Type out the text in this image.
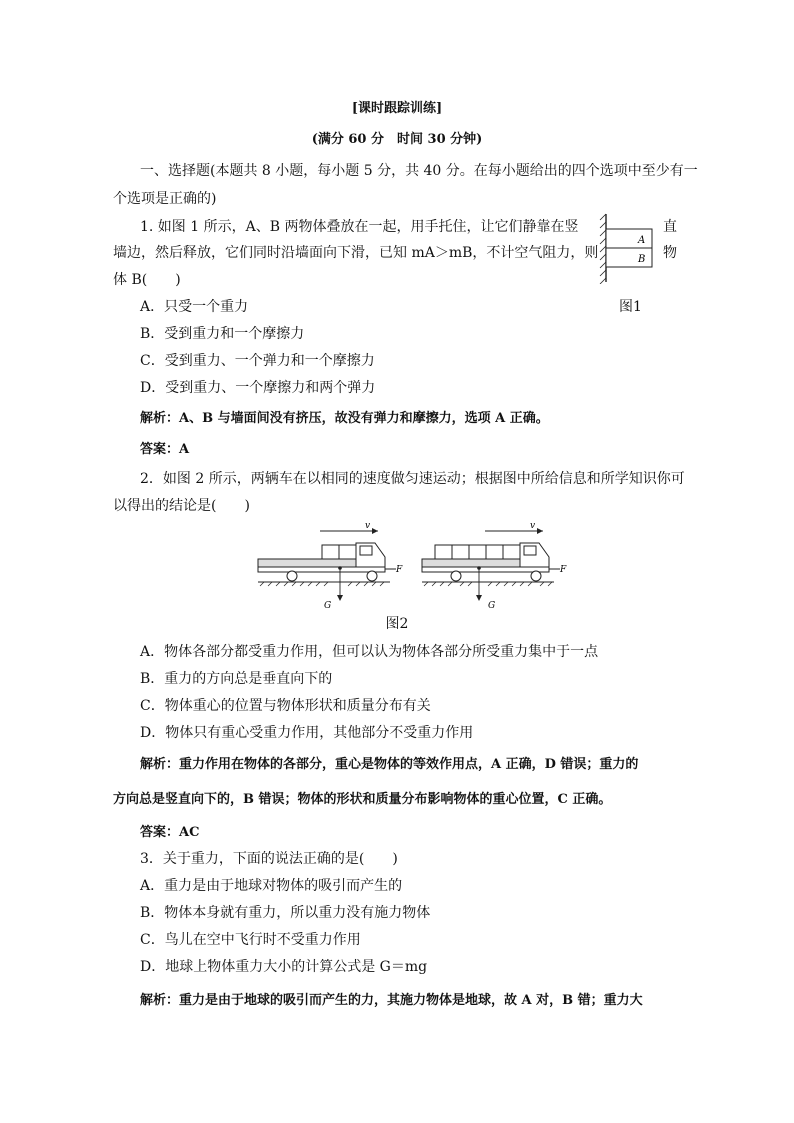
[课时跟踪训练]
(满分 60 分　时间 30 分钟)
一、选择题(本题共 8 小题，每小题 5 分，共 40 分。在每小题给出的四个选项中至少有一
个选项是正确的)
1. 如图 1 所示，A、B 两物体叠放在一起，用手托住，让它们静靠在竖	直
墙边，然后释放，它们同时沿墙面向下滑，已知 mA＞mB，不计空气阻力，则	物
体 B(　　)
A
B
A．只受一个重力	图1
B．受到重力和一个摩擦力
C．受到重力、一个弹力和一个摩擦力
D．受到重力、一个摩擦力和两个弹力
解析：A、B 与墙面间没有挤压，故没有弹力和摩擦力，选项 A 正确。
答案：A
2．如图 2 所示，两辆车在以相同的速度做匀速运动；根据图中所给信息和所学知识你可
以得出的结论是(　　)
v
F
G
v
F
G
图2
A．物体各部分都受重力作用，但可以认为物体各部分所受重力集中于一点
B．重力的方向总是垂直向下的
C．物体重心的位置与物体形状和质量分布有关
D．物体只有重心受重力作用，其他部分不受重力作用
解析：重力作用在物体的各部分，重心是物体的等效作用点，A 正确，D 错误；重力的
方向总是竖直向下的，B 错误；物体的形状和质量分布影响物体的重心位置，C 正确。
答案：AC
3．关于重力，下面的说法正确的是(　　)
A．重力是由于地球对物体的吸引而产生的
B．物体本身就有重力，所以重力没有施力物体
C．鸟儿在空中飞行时不受重力作用
D．地球上物体重力大小的计算公式是 G＝mg
解析：重力是由于地球的吸引而产生的力，其施力物体是地球，故 A 对，B 错；重力大
